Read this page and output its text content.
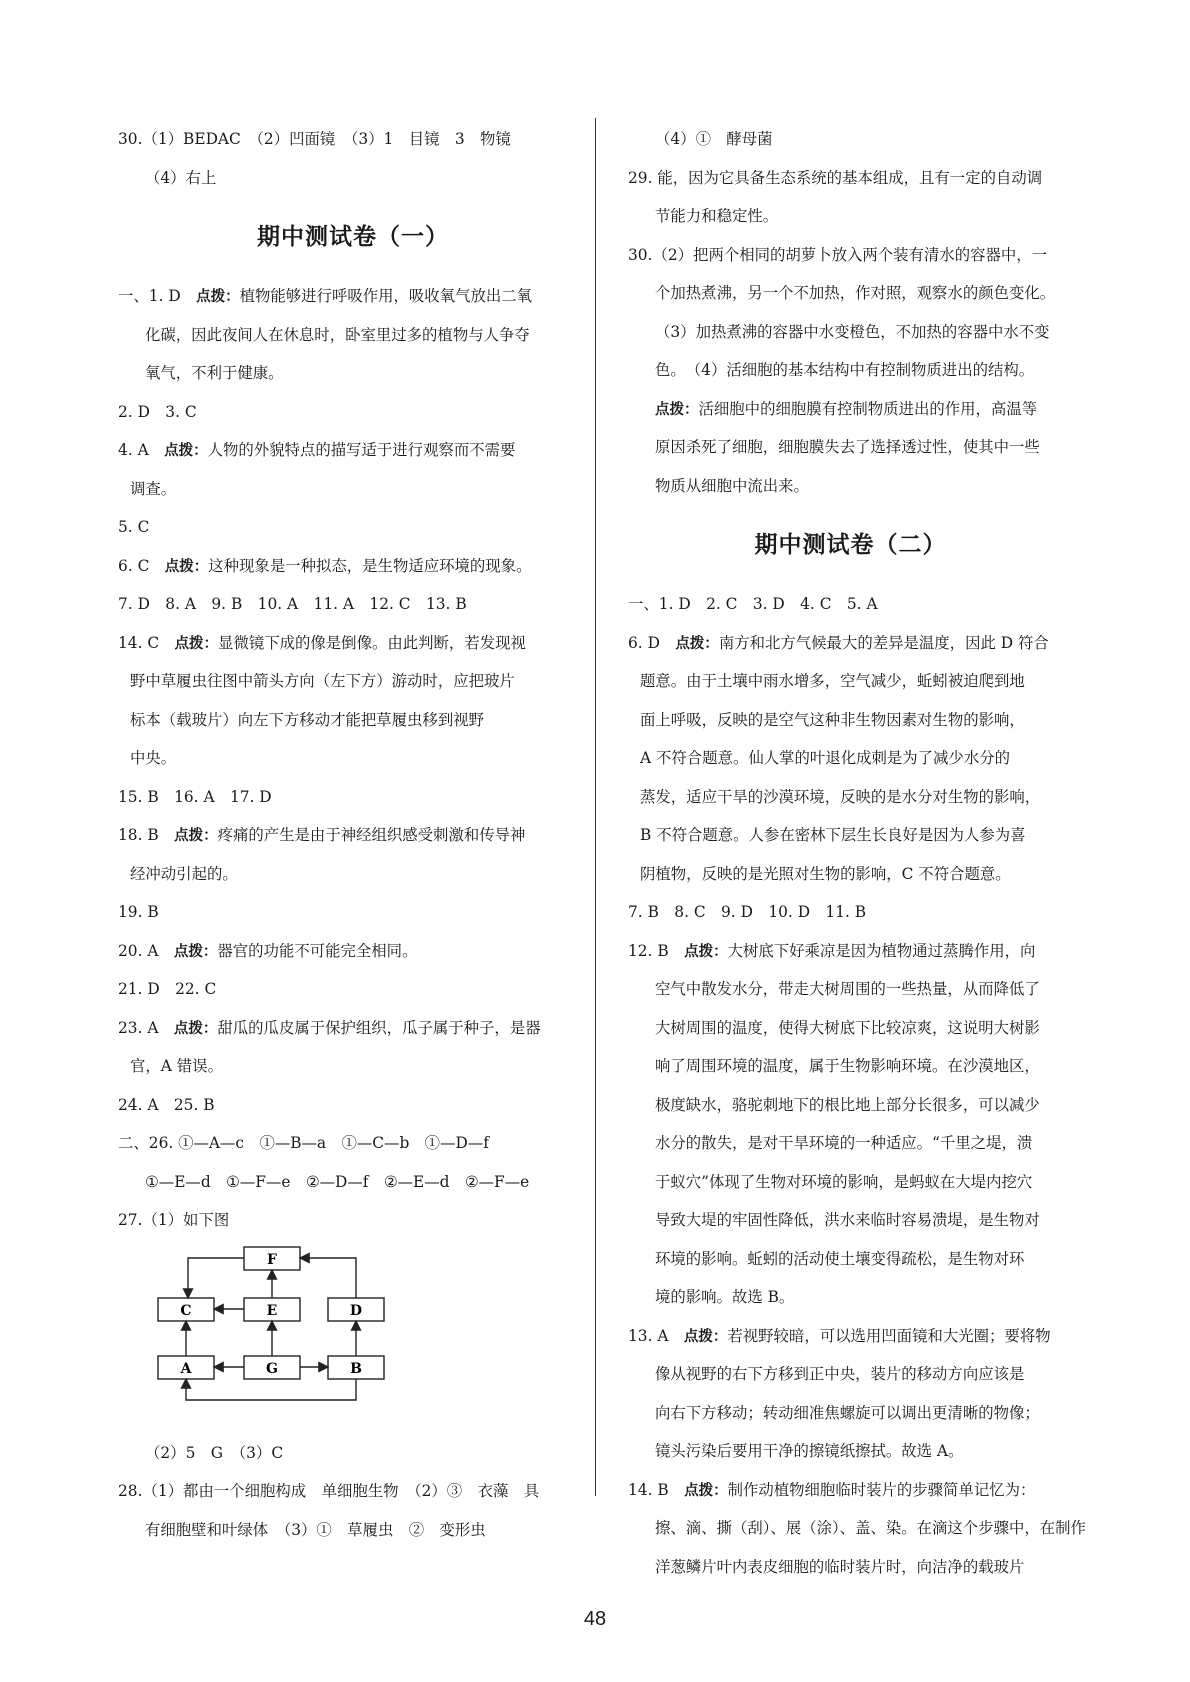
30.（1）BEDAC　（2）凹面镜　（3）1　目镜　3　物镜
（4）右上
期中测试卷（一）
一、1. D　点拨：植物能够进行呼吸作用，吸收氧气放出二氧
化碳，因此夜间人在休息时，卧室里过多的植物与人争夺
氧气，不利于健康。
2. D　3. C
4. A　点拨：人物的外貌特点的描写适于进行观察而不需要
调查。
5. C
6. C　点拨：这种现象是一种拟态，是生物适应环境的现象。
7. D　8. A　9. B　10. A　11. A　12. C　13. B
14. C　点拨：显微镜下成的像是倒像。由此判断，若发现视
野中草履虫往图中箭头方向（左下方）游动时，应把玻片
标本（载玻片）向左下方移动才能把草履虫移到视野
中央。
15. B　16. A　17. D
18. B　点拨：疼痛的产生是由于神经组织感受刺激和传导神
经冲动引起的。
19. B
20. A　点拨：器官的功能不可能完全相同。
21. D　22. C
23. A　点拨：甜瓜的瓜皮属于保护组织，瓜子属于种子，是器
官，A 错误。
24. A　25. B
二、26. ①—A—c　①—B—a　①—C—b　①—D—f
①—E—d　①—F—e　②—D—f　②—E—d　②—F—e
27.（1）如下图
F
C	E	D
A	G	B
（2）5　G　（3）C
28.（1）都由一个细胞构成　单细胞生物　（2）③　衣藻　具
有细胞壁和叶绿体　（3）①　草履虫　②　变形虫
（4）①　酵母菌
29. 能，因为它具备生态系统的基本组成，且有一定的自动调
节能力和稳定性。
30.（2）把两个相同的胡萝卜放入两个装有清水的容器中，一
个加热煮沸，另一个不加热，作对照，观察水的颜色变化。
（3）加热煮沸的容器中水变橙色，不加热的容器中水不变
色。　（4）活细胞的基本结构中有控制物质进出的结构。
点拨：活细胞中的细胞膜有控制物质进出的作用，高温等
原因杀死了细胞，细胞膜失去了选择透过性，使其中一些
物质从细胞中流出来。
期中测试卷（二）
一、1. D　2. C　3. D　4. C　5. A
6. D　点拨：南方和北方气候最大的差异是温度，因此 D 符合
题意。由于土壤中雨水增多，空气减少，蚯蚓被迫爬到地
面上呼吸，反映的是空气这种非生物因素对生物的影响，
A 不符合题意。仙人掌的叶退化成刺是为了减少水分的
蒸发，适应干旱的沙漠环境，反映的是水分对生物的影响，
B 不符合题意。人参在密林下层生长良好是因为人参为喜
阴植物，反映的是光照对生物的影响，C 不符合题意。
7. B　8. C　9. D　10. D　11. B
12. B　点拨：大树底下好乘凉是因为植物通过蒸腾作用，向
空气中散发水分，带走大树周围的一些热量，从而降低了
大树周围的温度，使得大树底下比较凉爽，这说明大树影
响了周围环境的温度，属于生物影响环境。在沙漠地区，
极度缺水，骆驼刺地下的根比地上部分长很多，可以减少
水分的散失，是对干旱环境的一种适应。“千里之堤，溃
于蚁穴”体现了生物对环境的影响，是蚂蚁在大堤内挖穴
导致大堤的牢固性降低，洪水来临时容易溃堤，是生物对
环境的影响。蚯蚓的活动使土壤变得疏松，是生物对环
境的影响。故选 B。
13. A　点拨：若视野较暗，可以选用凹面镜和大光圈；要将物
像从视野的右下方移到正中央，装片的移动方向应该是
向右下方移动；转动细准焦螺旋可以调出更清晰的物像；
镜头污染后要用干净的擦镜纸擦拭。故选 A。
14. B　点拨：制作动植物细胞临时装片的步骤简单记忆为：
擦、滴、撕（刮）、展（涂）、盖、染。在滴这个步骤中，在制作
洋葱鳞片叶内表皮细胞的临时装片时，向洁净的载玻片
48
